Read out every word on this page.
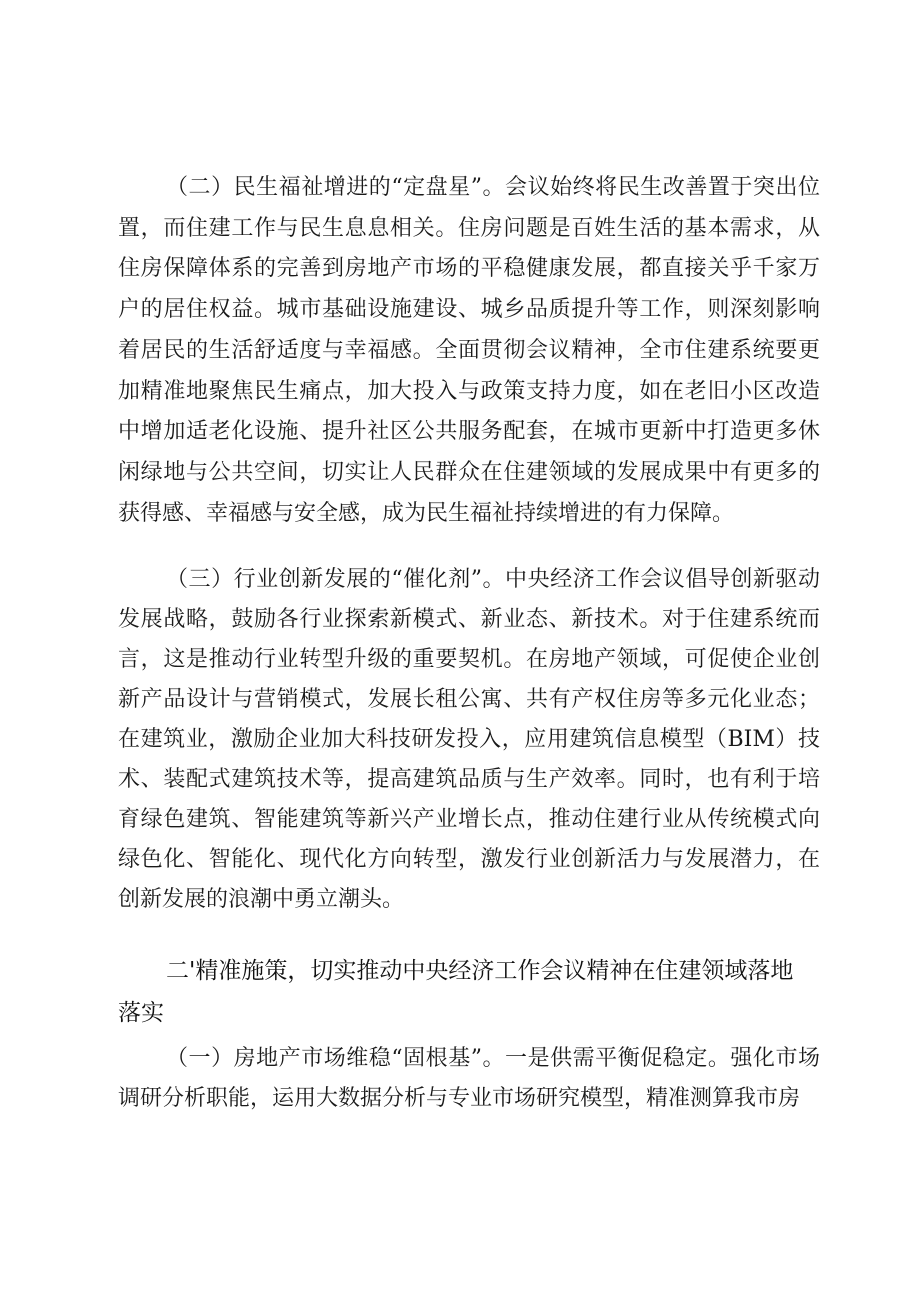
（二）民生福祉增进的“定盘星”。会议始终将民生改善置于突出位置，而住建工作与民生息息相关。住房问题是百姓生活的基本需求，从住房保障体系的完善到房地产市场的平稳健康发展，都直接关乎千家万户的居住权益。城市基础设施建设、城乡品质提升等工作，则深刻影响着居民的生活舒适度与幸福感。全面贯彻会议精神，全市住建系统要更加精准地聚焦民生痛点，加大投入与政策支持力度，如在老旧小区改造中增加适老化设施、提升社区公共服务配套，在城市更新中打造更多休闲绿地与公共空间，切实让人民群众在住建领域的发展成果中有更多的获得感、幸福感与安全感，成为民生福祉持续增进的有力保障。

（三）行业创新发展的“催化剂”。中央经济工作会议倡导创新驱动发展战略，鼓励各行业探索新模式、新业态、新技术。对于住建系统而言，这是推动行业转型升级的重要契机。在房地产领域，可促使企业创新产品设计与营销模式，发展长租公寓、共有产权住房等多元化业态；在建筑业，激励企业加大科技研发投入，应用建筑信息模型（BIM）技术、装配式建筑技术等，提高建筑品质与生产效率。同时，也有利于培育绿色建筑、智能建筑等新兴产业增长点，推动住建行业从传统模式向绿色化、智能化、现代化方向转型，激发行业创新活力与发展潜力，在创新发展的浪潮中勇立潮头。

二'精准施策，切实推动中央经济工作会议精神在住建领域落地落实

（一）房地产市场维稳“固根基”。一是供需平衡促稳定。强化市场调研分析职能，运用大数据分析与专业市场研究模型，精准测算我市房
